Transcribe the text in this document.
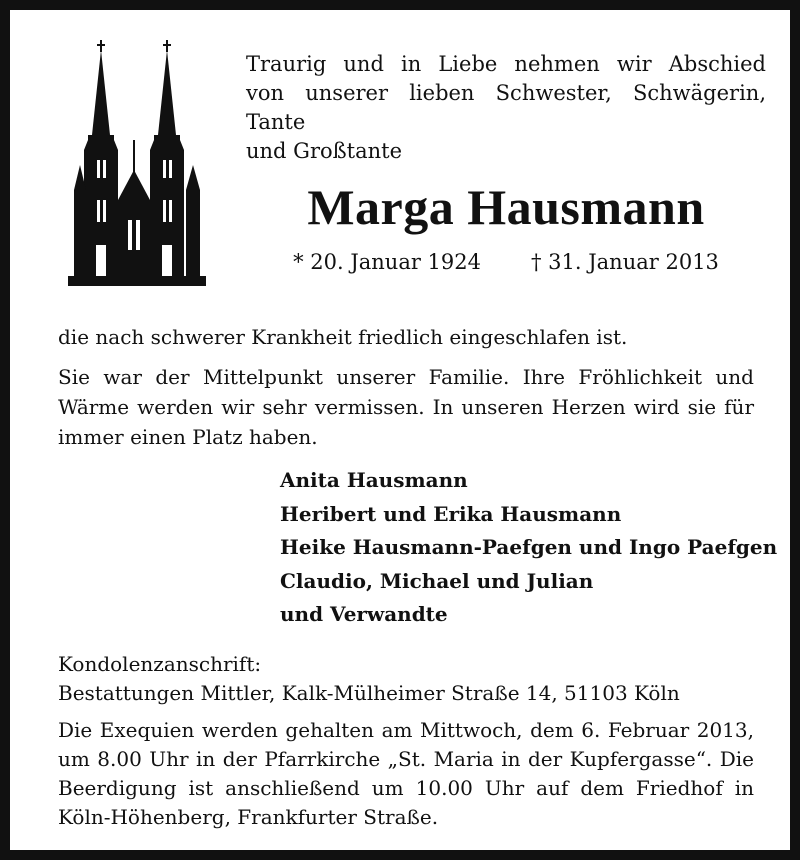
Traurig und in Liebe nehmen wir Abschied
von unserer lieben Schwester, Schwägerin, Tante
und Großtante
Marga Hausmann
* 20. Januar 1924 † 31. Januar 2013
die nach schwerer Krankheit friedlich eingeschlafen ist.
Sie war der Mittelpunkt unserer Familie. Ihre Fröhlichkeit und
Wärme werden wir sehr vermissen. In unseren Herzen wird sie für
immer einen Platz haben.
Anita Hausmann
Heribert und Erika Hausmann
Heike Hausmann-Paefgen und Ingo Paefgen
Claudio, Michael und Julian
und Verwandte
Kondolenzanschrift:
Bestattungen Mittler, Kalk-Mülheimer Straße 14, 51103 Köln
Die Exequien werden gehalten am Mittwoch, dem 6. Februar 2013,
um 8.00 Uhr in der Pfarrkirche „St. Maria in der Kupfergasse“. Die
Beerdigung ist anschließend um 10.00 Uhr auf dem Friedhof in
Köln-Höhenberg, Frankfurter Straße.
